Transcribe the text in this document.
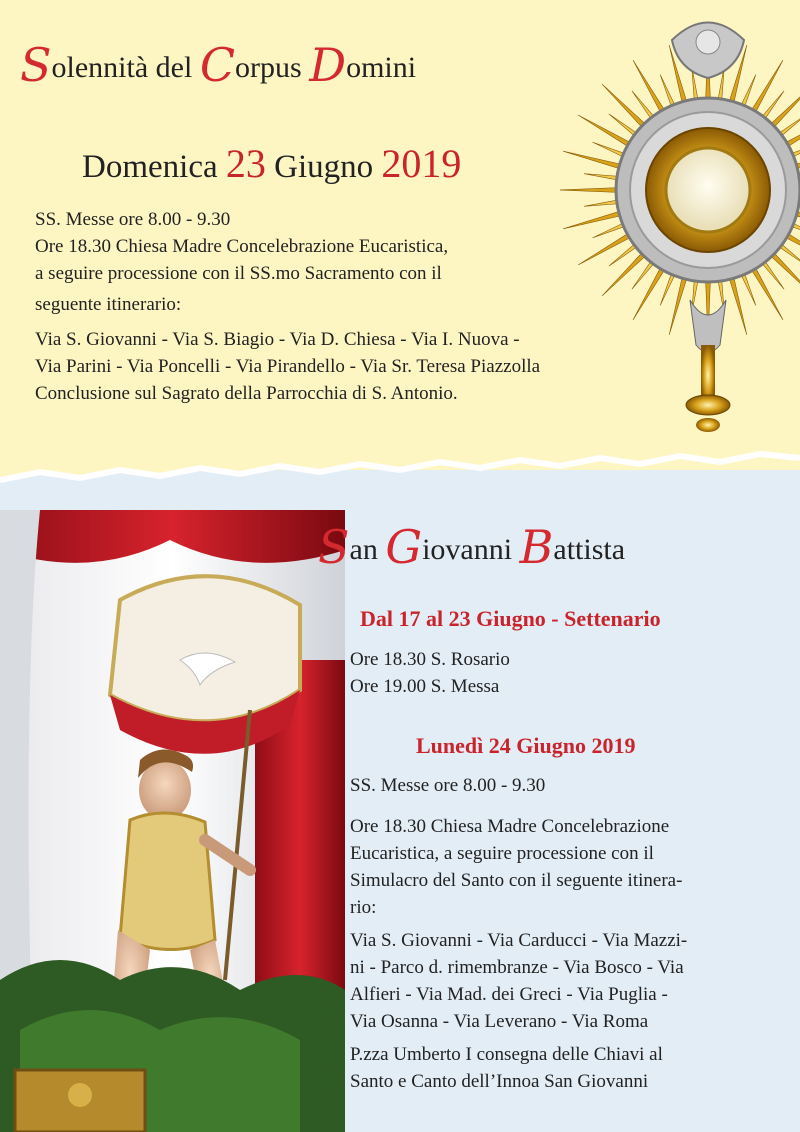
Solennità del Corpus Domini
Domenica 23 Giugno 2019
SS. Messe ore 8.00 - 9.30
Ore 18.30 Chiesa Madre Concelebrazione Eucaristica,
a seguire processione con il SS.mo Sacramento con il
seguente itinerario:
Via S. Giovanni - Via S. Biagio - Via D. Chiesa - Via I. Nuova -
Via Parini - Via Poncelli - Via Pirandello - Via Sr. Teresa Piazzolla
Conclusione sul Sagrato della Parrocchia di S. Antonio.
San Giovanni Battista
Dal 17 al 23 Giugno - Settenario
Ore 18.30 S. Rosario
Ore 19.00 S. Messa
Lunedì 24 Giugno 2019

SS. Messe ore 8.00 - 9.30

Ore 18.30 Chiesa Madre Concelebrazione
Eucaristica, a seguire processione con il
Simulacro del Santo con il seguente itinera-
rio:

Via S. Giovanni - Via Carducci - Via Mazzi-
ni - Parco d. rimembranze - Via Bosco - Via
Alfieri - Via Mad. dei Greci - Via Puglia -
Via Osanna - Via Leverano - Via Roma

P.zza Umberto I consegna delle Chiavi al
Santo e Canto dell’Innoa San Giovanni
